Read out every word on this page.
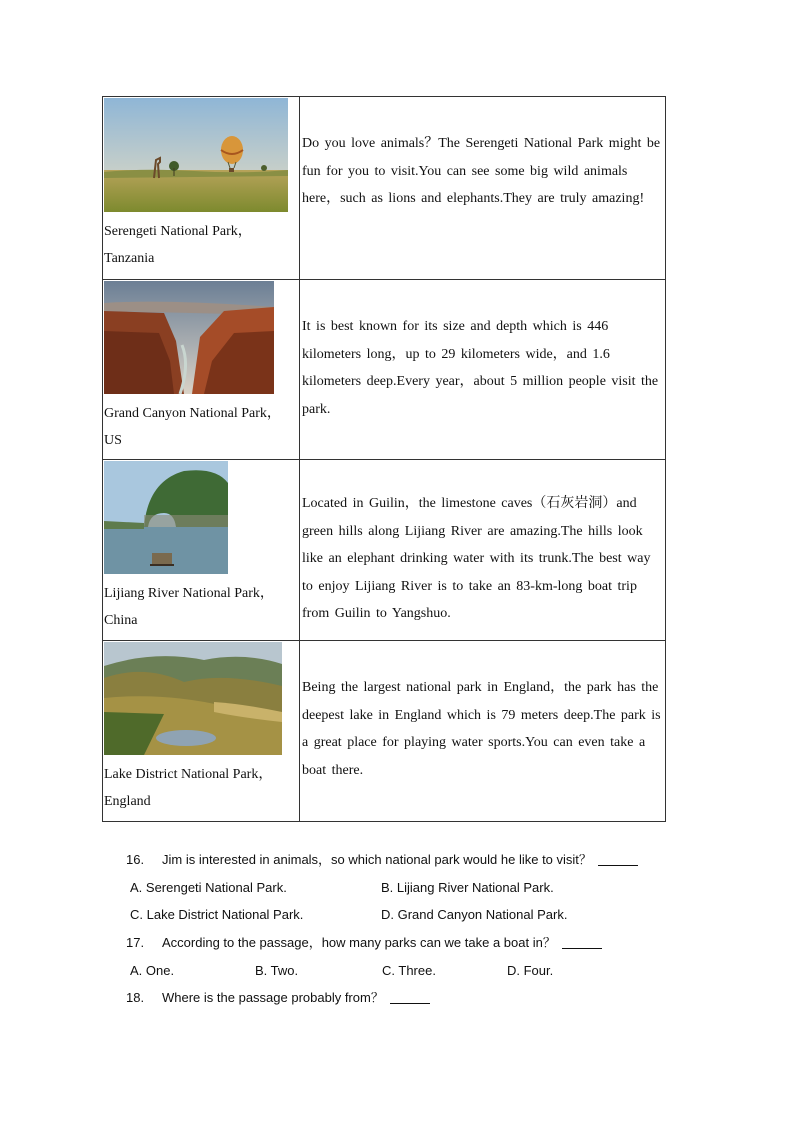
Serengeti National Park，Tanzania	Do you love animals？The Serengeti National Park might be fun for you to visit.You can see some big wild animals here，such as lions and elephants.They are truly amazing!

Grand Canyon National Park，US	It is best known for its size and depth which is 446 kilometers long，up to 29 kilometers wide，and 1.6 kilometers deep.Every year，about 5 million people visit the park.

Lijiang River National Park，China	Located in Guilin，the limestone caves（石灰岩洞）and green hills along Lijiang River are amazing.The hills look like an elephant drinking water with its trunk.The best way to enjoy Lijiang River is to take an 83-km-long boat trip from Guilin to Yangshuo.

Lake District National Park，England	Being the largest national park in England，the park has the deepest lake in England which is 79 meters deep.The park is a great place for playing water sports.You can even take a boat there.
16. Jim is interested in animals，so which national park would he like to visit？
A. Serengeti National Park.	B. Lijiang River National Park.
C. Lake District National Park.	D. Grand Canyon National Park.
17. According to the passage，how many parks can we take a boat in？
A. One.	B. Two.	C. Three.	D. Four.
18. Where is the passage probably from？
